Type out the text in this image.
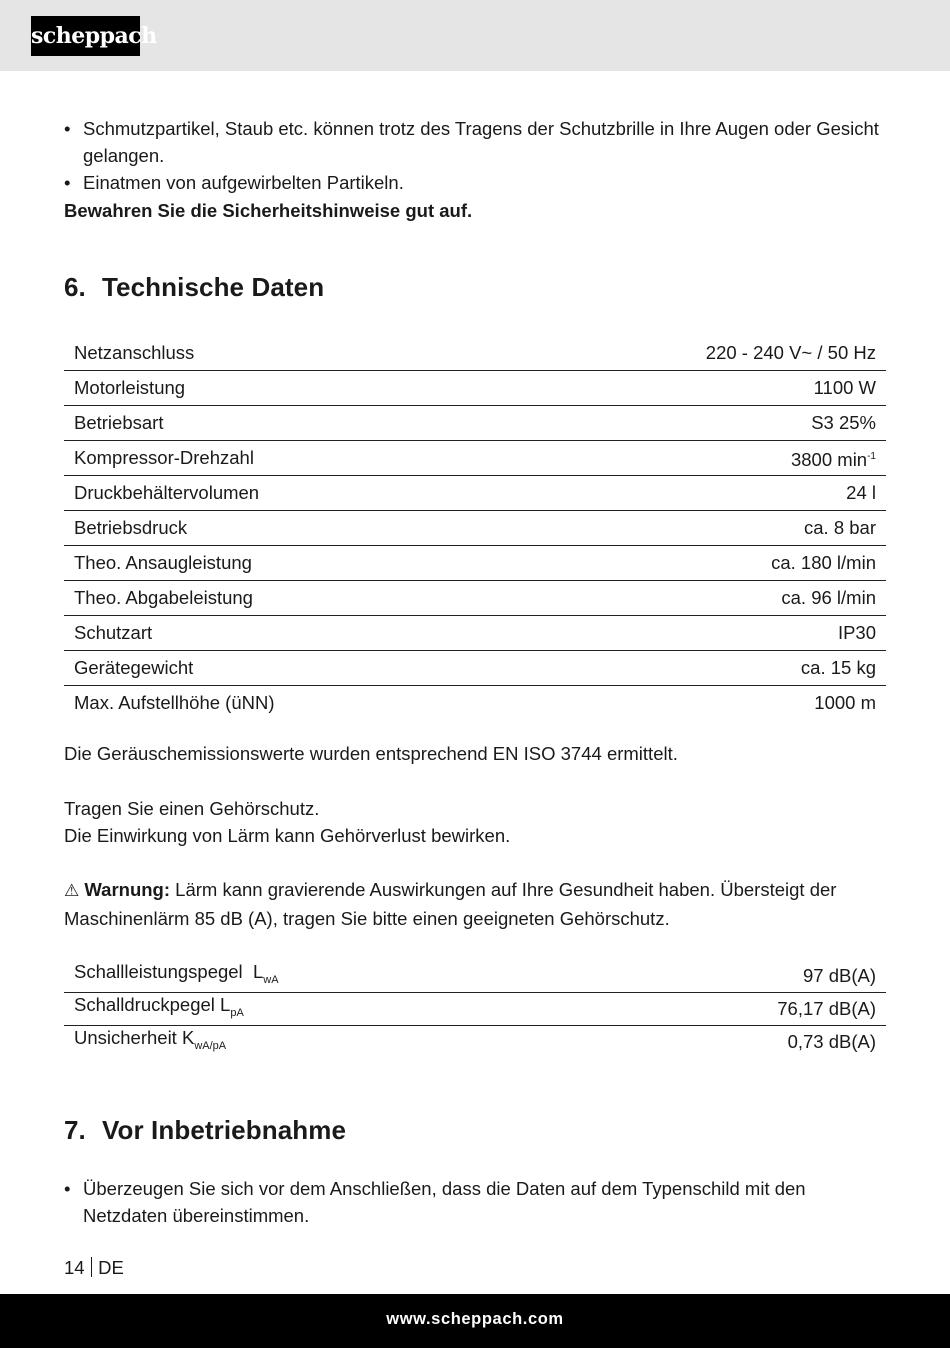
scheppach
• Schmutzpartikel, Staub etc. können trotz des Tragens der Schutzbrille in Ihre Augen oder Gesicht gelangen.
• Einatmen von aufgewirbelten Partikeln.
Bewahren Sie die Sicherheitshinweise gut auf.
6. Technische Daten
Netzanschluss	220 - 240 V~ / 50 Hz
Motorleistung	1100 W
Betriebsart	S3 25%
Kompressor-Drehzahl	3800 $\min^{-1}$
Druckbehältervolumen	24 l
Betriebsdruck	ca. 8 bar
Theo. Ansaugleistung	ca. 180 l/min
Theo. Abgabeleistung	ca. 96 l/min
Schutzart	IP30
Gerätegewicht	ca. 15 kg
Max. Aufstellhöhe (üNN)	1000 m

Die Geräuschemissionswerte wurden entsprechend EN ISO 3744 ermittelt.

Tragen Sie einen Gehörschutz.
Die Einwirkung von Lärm kann Gehörverlust bewirken.

⚠ Warnung: Lärm kann gravierende Auswirkungen auf Ihre Gesundheit haben. Übersteigt der Maschinenlärm 85 dB (A), tragen Sie bitte einen geeigneten Gehörschutz.

Schallleistungspegel  $L_{wA}$	97 dB(A)
Schalldruckpegel $L_{pA}$	76,17 dB(A)
Unsicherheit $K_{wA/pA}$	0,73 dB(A)
7. Vor Inbetriebnahme
• Überzeugen Sie sich vor dem Anschließen, dass die Daten auf dem Typenschild mit den Netzdaten übereinstimmen.
14 DE
www.scheppach.com
